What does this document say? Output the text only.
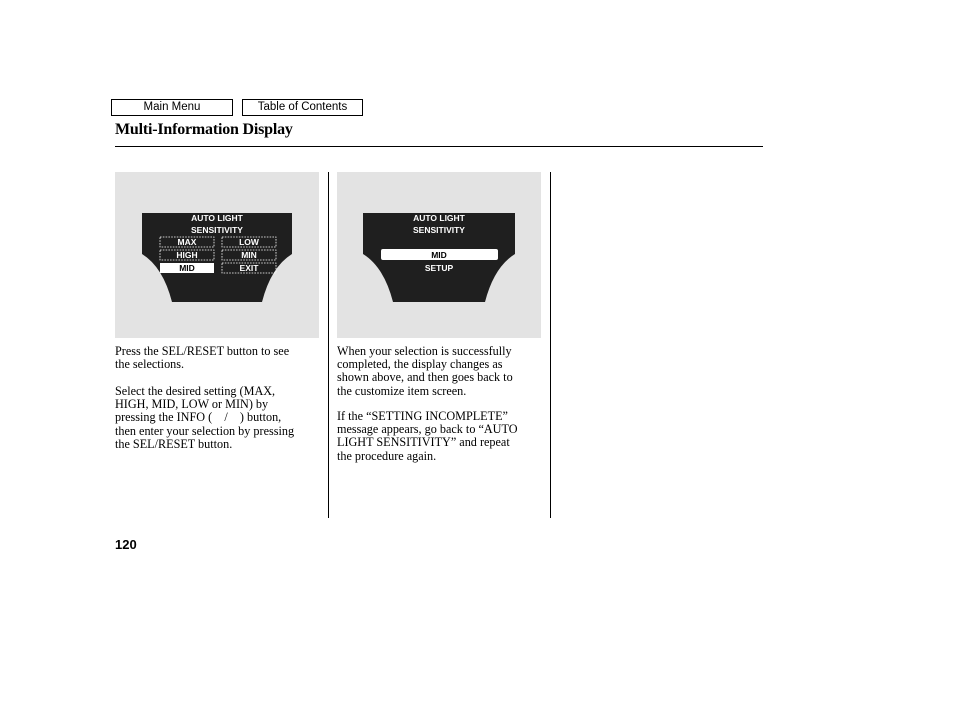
Main Menu	Table of Contents
Multi-Information Display
AUTO LIGHT
SENSITIVITY
MAX	LOW
HIGH	MIN
MID	EXIT
AUTO LIGHT
SENSITIVITY
MID
SETUP

Press the SEL/RESET button to see
the selections.

Select the desired setting (MAX,
HIGH, MID, LOW or MIN) by
pressing the INFO (    /    ) button,
then enter your selection by pressing
the SEL/RESET button.

When your selection is successfully
completed, the display changes as
shown above, and then goes back to
the customize item screen.

If the “SETTING INCOMPLETE”
message appears, go back to “AUTO
LIGHT SENSITIVITY” and repeat
the procedure again.

120
